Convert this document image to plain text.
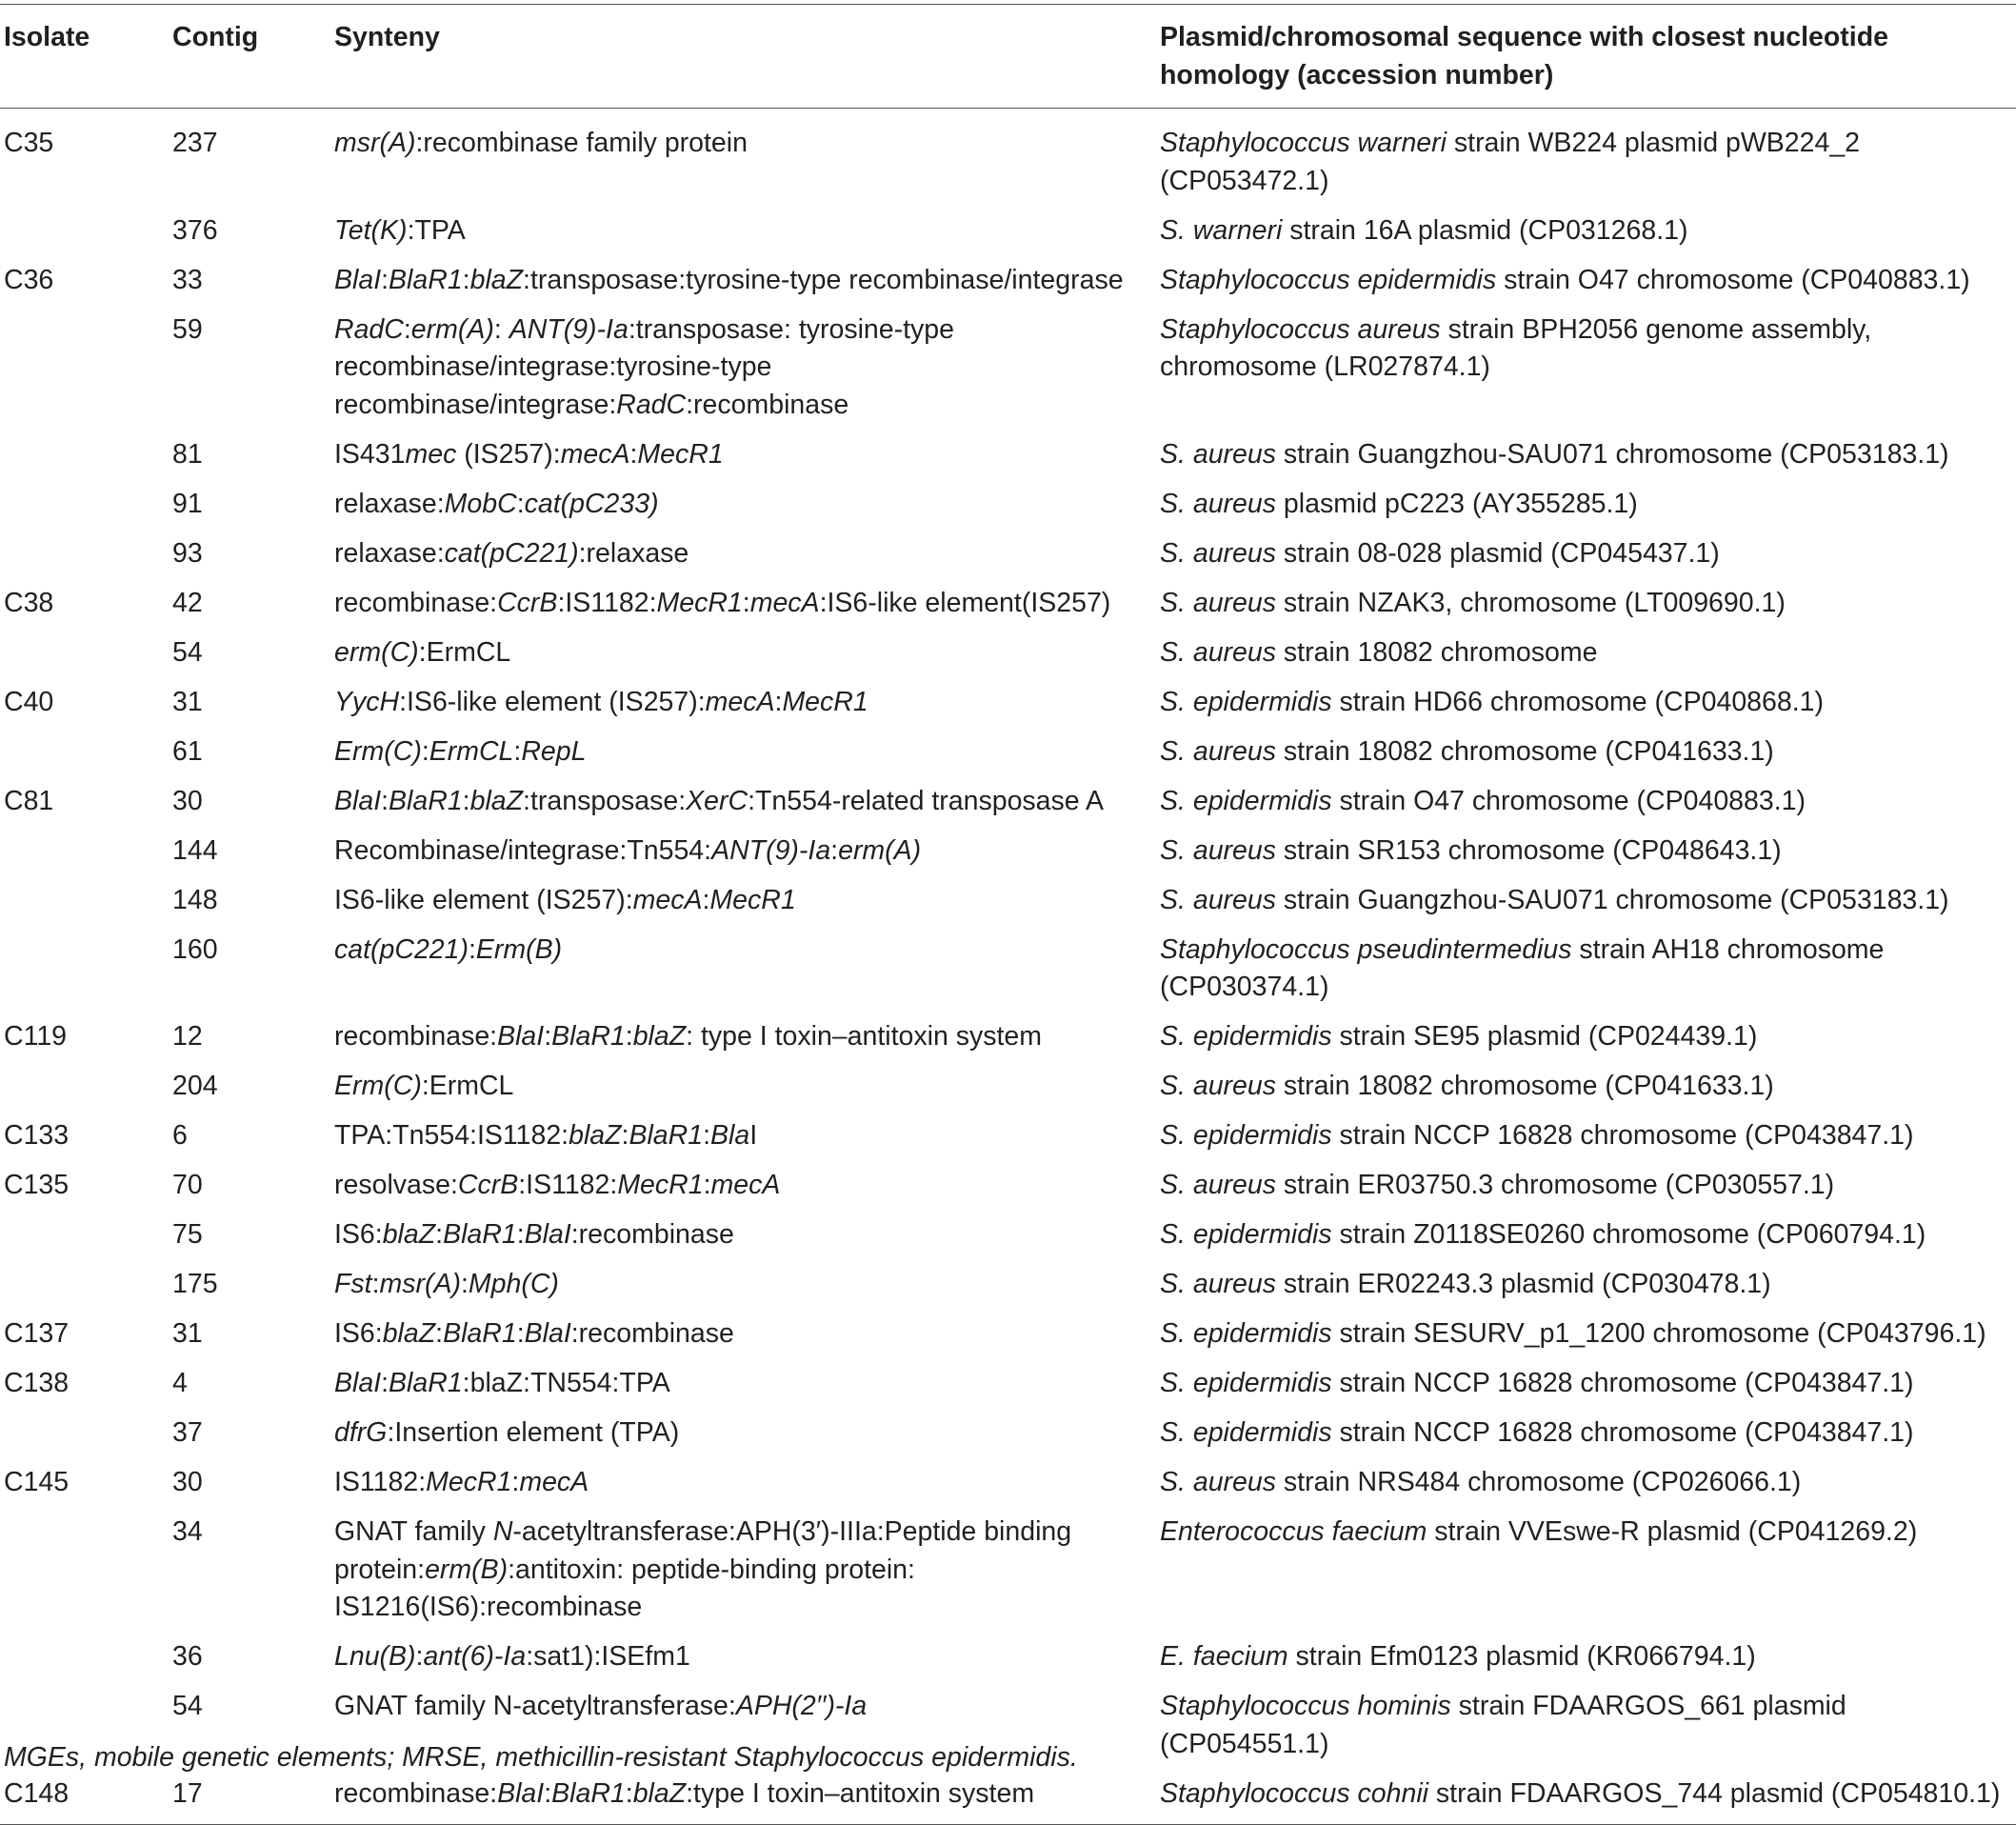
Isolate	Contig	Synteny	Plasmid/chromosomal sequence with closest nucleotide homology (accession number)
C35	237	msr(A):recombinase family protein	Staphylococcus warneri strain WB224 plasmid pWB224_2 (CP053472.1)
	376	Tet(K):TPA	S. warneri strain 16A plasmid (CP031268.1)
C36	33	BlaI:BlaR1:blaZ:transposase:tyrosine-type recombinase/integrase	Staphylococcus epidermidis strain O47 chromosome (CP040883.1)
	59	RadC:erm(A): ANT(9)-Ia:transposase: tyrosine-type recombinase/integrase:tyrosine-type recombinase/integrase:RadC:recombinase	Staphylococcus aureus strain BPH2056 genome assembly, chromosome (LR027874.1)
	81	IS431mec (IS257):mecA:MecR1	S. aureus strain Guangzhou-SAU071 chromosome (CP053183.1)
	91	relaxase:MobC:cat(pC233)	S. aureus plasmid pC223 (AY355285.1)
	93	relaxase:cat(pC221):relaxase	S. aureus strain 08-028 plasmid (CP045437.1)
C38	42	recombinase:CcrB:IS1182:MecR1:mecA:IS6-like element(IS257)	S. aureus strain NZAK3, chromosome (LT009690.1)
	54	erm(C):ErmCL	S. aureus strain 18082 chromosome
C40	31	YycH:IS6-like element (IS257):mecA:MecR1	S. epidermidis strain HD66 chromosome (CP040868.1)
	61	Erm(C):ErmCL:RepL	S. aureus strain 18082 chromosome (CP041633.1)
C81	30	BlaI:BlaR1:blaZ:transposase:XerC:Tn554-related transposase A	S. epidermidis strain O47 chromosome (CP040883.1)
	144	Recombinase/integrase:Tn554:ANT(9)-Ia:erm(A)	S. aureus strain SR153 chromosome (CP048643.1)
	148	IS6-like element (IS257):mecA:MecR1	S. aureus strain Guangzhou-SAU071 chromosome (CP053183.1)
	160	cat(pC221):Erm(B)	Staphylococcus pseudintermedius strain AH18 chromosome (CP030374.1)
C119	12	recombinase:BlaI:BlaR1:blaZ: type I toxin–antitoxin system	S. epidermidis strain SE95 plasmid (CP024439.1)
	204	Erm(C):ErmCL	S. aureus strain 18082 chromosome (CP041633.1)
C133	6	TPA:Tn554:IS1182:blaZ:BlaR1:BlaI	S. epidermidis strain NCCP 16828 chromosome (CP043847.1)
C135	70	resolvase:CcrB:IS1182:MecR1:mecA	S. aureus strain ER03750.3 chromosome (CP030557.1)
	75	IS6:blaZ:BlaR1:BlaI:recombinase	S. epidermidis strain Z0118SE0260 chromosome (CP060794.1)
	175	Fst:msr(A):Mph(C)	S. aureus strain ER02243.3 plasmid (CP030478.1)
C137	31	IS6:blaZ:BlaR1:BlaI:recombinase	S. epidermidis strain SESURV_p1_1200 chromosome (CP043796.1)
C138	4	BlaI:BlaR1:blaZ:TN554:TPA	S. epidermidis strain NCCP 16828 chromosome (CP043847.1)
	37	dfrG:Insertion element (TPA)	S. epidermidis strain NCCP 16828 chromosome (CP043847.1)
C145	30	IS1182:MecR1:mecA	S. aureus strain NRS484 chromosome (CP026066.1)
	34	GNAT family N-acetyltransferase:APH(3′)-IIIa:Peptide binding protein:erm(B):antitoxin: peptide-binding protein: IS1216(IS6):recombinase	Enterococcus faecium strain VVEswe-R plasmid (CP041269.2)
	36	Lnu(B):ant(6)-Ia:sat1):ISEfm1	E. faecium strain Efm0123 plasmid (KR066794.1)
	54	GNAT family N-acetyltransferase:APH(2′′)-Ia	Staphylococcus hominis strain FDAARGOS_661 plasmid (CP054551.1)
C148	17	recombinase:BlaI:BlaR1:blaZ:type I toxin–antitoxin system	Staphylococcus cohnii strain FDAARGOS_744 plasmid (CP054810.1)
MGEs, mobile genetic elements; MRSE, methicillin-resistant Staphylococcus epidermidis.
